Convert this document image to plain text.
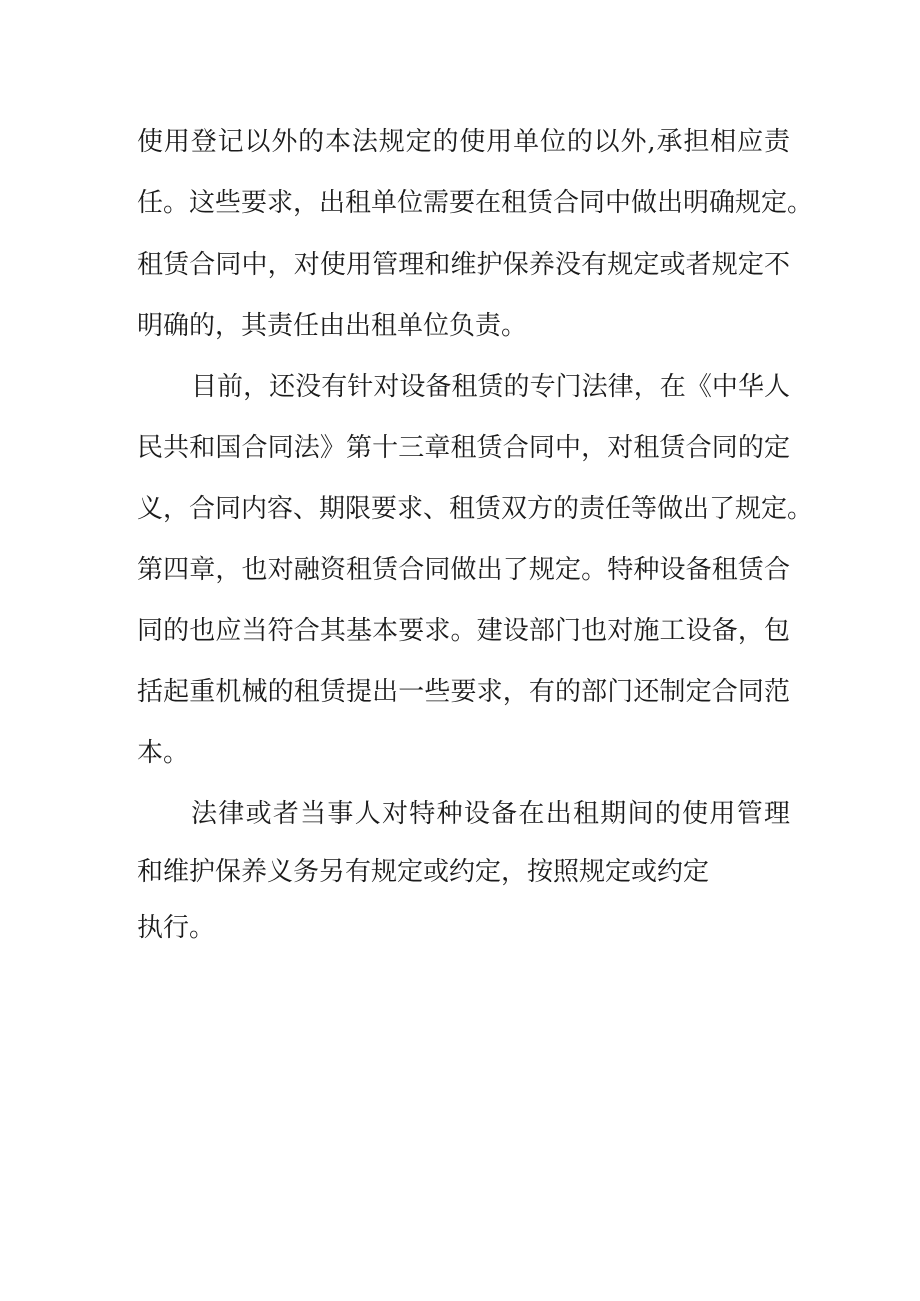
使用登记以外的本法规定的使用单位的以外,承担相应责
任。这些要求，出租单位需要在租赁合同中做出明确规定。
租赁合同中，对使用管理和维护保养没有规定或者规定不
明确的，其责任由出租单位负责。
目前，还没有针对设备租赁的专门法律，在《中华人
民共和国合同法》第十三章租赁合同中，对租赁合同的定
义，合同内容、期限要求、租赁双方的责任等做出了规定。
第四章，也对融资租赁合同做出了规定。特种设备租赁合
同的也应当符合其基本要求。建设部门也对施工设备，包
括起重机械的租赁提出一些要求，有的部门还制定合同范
本。
法律或者当事人对特种设备在出租期间的使用管理
和维护保养义务另有规定或约定，按照规定或约定
执行。
